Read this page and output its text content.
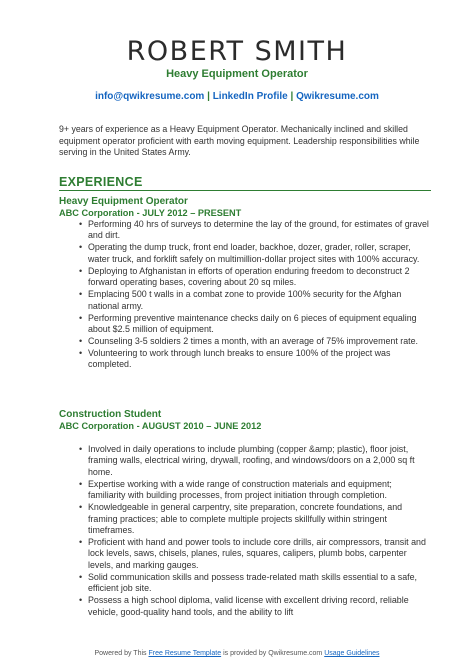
ROBERT SMITH
Heavy Equipment Operator
info@qwikresume.com | LinkedIn Profile | Qwikresume.com
9+ years of experience as a Heavy Equipment Operator. Mechanically inclined and skilled equipment operator proficient with earth moving equipment. Leadership responsibilities while serving in the United States Army.
EXPERIENCE
Heavy Equipment Operator
ABC Corporation - JULY 2012 – PRESENT
• Performing 40 hrs of surveys to determine the lay of the ground, for estimates of gravel and dirt.
• Operating the dump truck, front end loader, backhoe, dozer, grader, roller, scraper, water truck, and forklift safely on multimillion-dollar project sites with 100% accuracy.
• Deploying to Afghanistan in efforts of operation enduring freedom to deconstruct 2 forward operating bases, covering about 20 sq miles.
• Emplacing 500 t walls in a combat zone to provide 100% security for the Afghan national army.
• Performing preventive maintenance checks daily on 6 pieces of equipment equaling about $2.5 million of equipment.
• Counseling 3-5 soldiers 2 times a month, with an average of 75% improvement rate.
• Volunteering to work through lunch breaks to ensure 100% of the project was completed.
Construction Student
ABC Corporation - AUGUST 2010 – JUNE 2012
• Involved in daily operations to include plumbing (copper &amp; plastic), floor joist, framing walls, electrical wiring, drywall, roofing, and windows/doors on a 2,000 sq ft home.
• Expertise working with a wide range of construction materials and equipment; familiarity with building processes, from project initiation through completion.
• Knowledgeable in general carpentry, site preparation, concrete foundations, and framing practices; able to complete multiple projects skillfully within stringent timeframes.
• Proficient with hand and power tools to include core drills, air compressors, transit and lock levels, saws, chisels, planes, rules, squares, calipers, plumb bobs, carpenter levels, and marking gauges.
• Solid communication skills and possess trade-related math skills essential to a safe, efficient job site.
• Possess a high school diploma, valid license with excellent driving record, reliable vehicle, good-quality hand tools, and the ability to lift
Powered by This Free Resume Template is provided by Qwikresume.com Usage Guidelines
